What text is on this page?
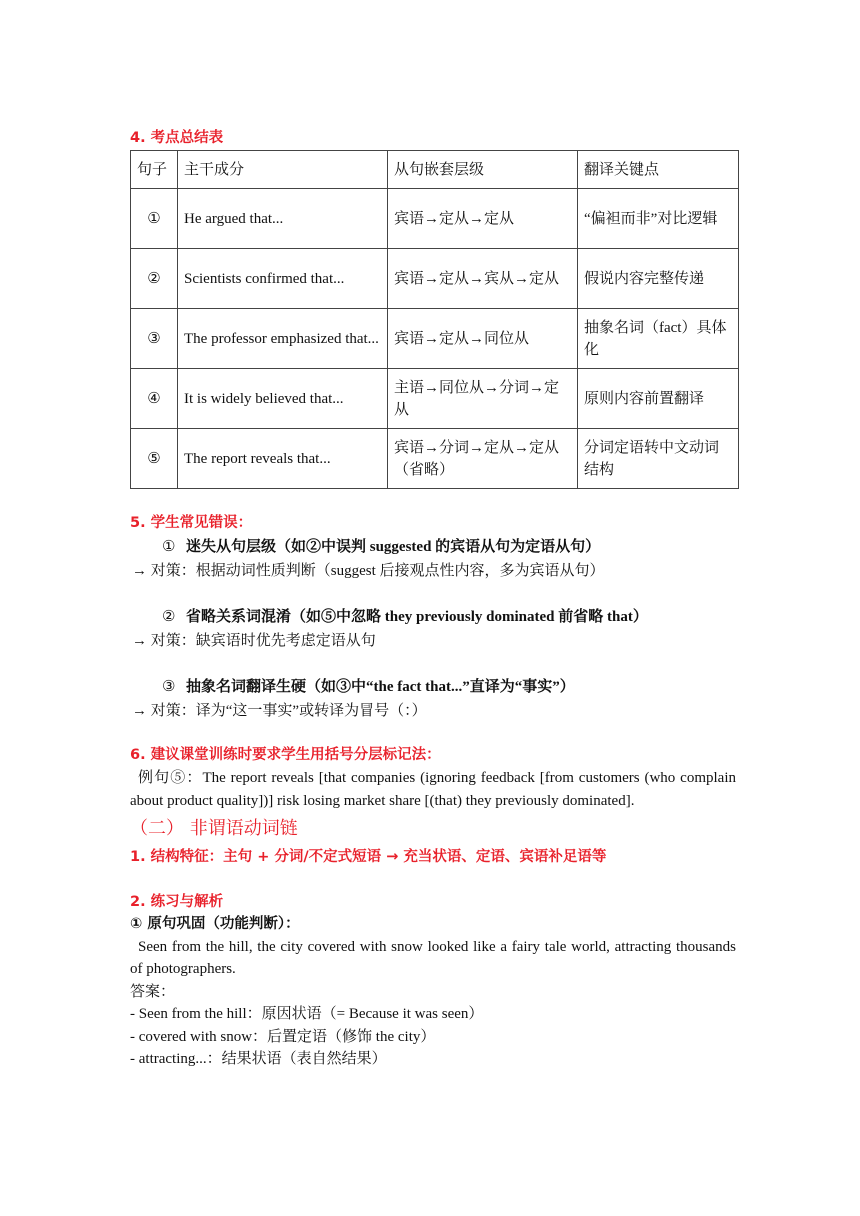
4. 考点总结表
句子	主干成分	从句嵌套层级	翻译关键点
①	He argued that...	宾语→定从→定从	“偏袒而非”对比逻辑
②	Scientists confirmed that...	宾语→定从→宾从→定从	假说内容完整传递
③	The professor emphasized that...	宾语→定从→同位从	抽象名词（fact）具体化
④	It is widely believed that...	主语→同位从→分词→定从	原则内容前置翻译
⑤	The report reveals that...	宾语→分词→定从→定从（省略）	分词定语转中文动词结构
5. 学生常见错误：
① 迷失从句层级（如②中误判 suggested 的宾语从句为定语从句）
→ 对策：根据动词性质判断（suggest 后接观点性内容，多为宾语从句）
② 省略关系词混淆（如⑤中忽略 they previously dominated 前省略 that）
→ 对策：缺宾语时优先考虑定语从句
③ 抽象名词翻译生硬（如③中“the fact that...”直译为“事实”）
→ 对策：译为“这一事实”或转译为冒号（：）
6. 建议课堂训练时要求学生用括号分层标记法：
例句⑤：The report reveals [that companies (ignoring feedback [from customers (who complain about product quality])] risk losing market share [(that) they previously dominated].
（二） 非谓语动词链
1. 结构特征：主句 + 分词/不定式短语 → 充当状语、定语、宾语补足语等
2. 练习与解析
① 原句巩固（功能判断）：
Seen from the hill, the city covered with snow looked like a fairy tale world, attracting thousands of photographers.
答案：
- Seen from the hill：原因状语（= Because it was seen）
- covered with snow：后置定语（修饰 the city）
- attracting...：结果状语（表自然结果）
